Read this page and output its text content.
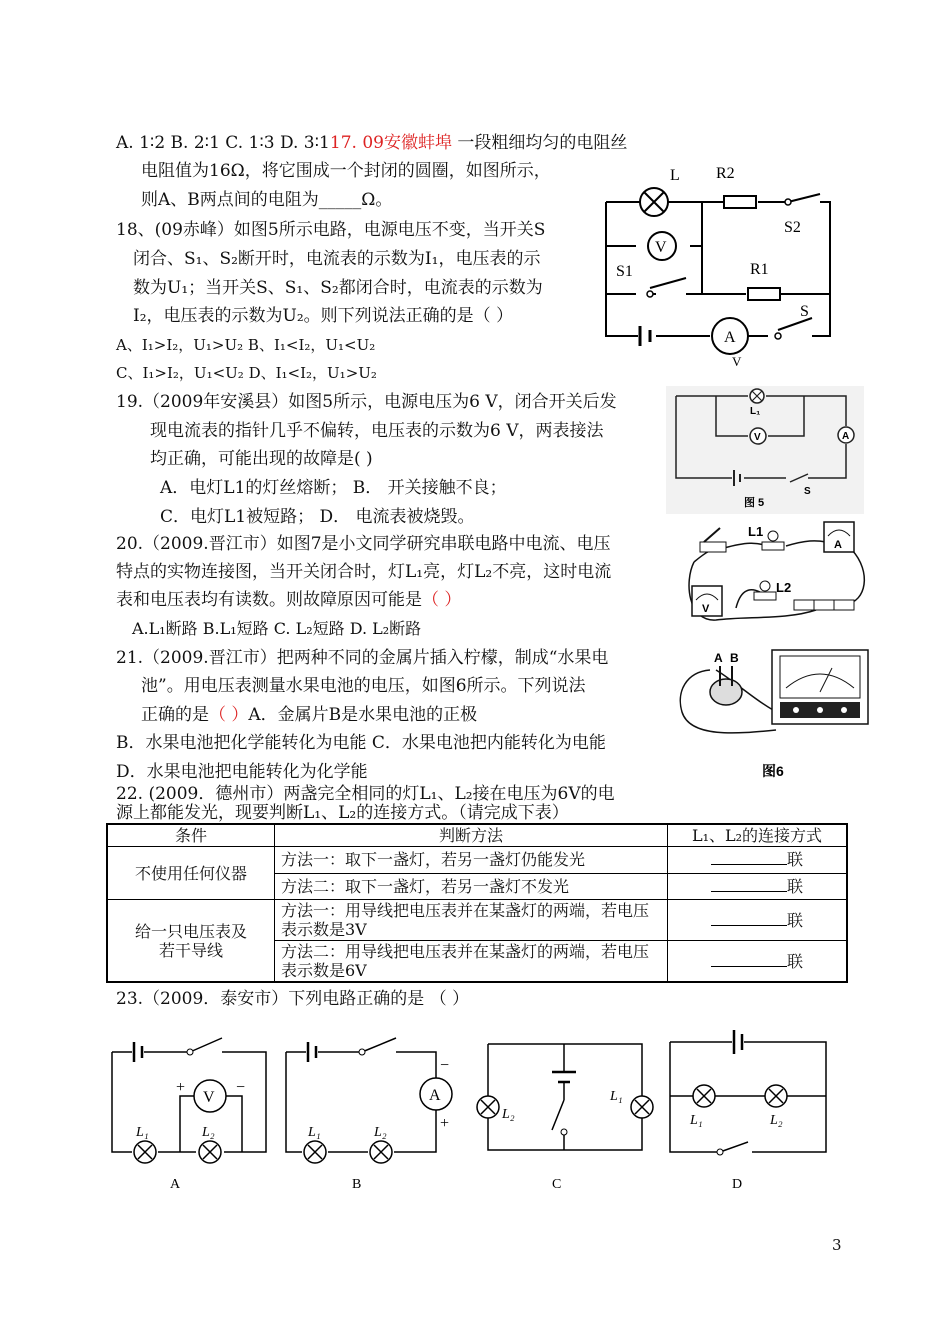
A. 1∶2 B. 2∶1 C. 1∶3 D. 3∶117. 09安徽蚌埠 一段粗细均匀的电阻丝
电阻值为16Ω，将它围成一个封闭的圆圈，如图所示，
则A、B两点间的电阻为_____Ω。
18、(09赤峰）如图5所示电路，电源电压不变，当开关S
闭合、S₁、S₂断开时，电流表的示数为I₁，电压表的示
数为U₁；当开关S、S₁、S₂都闭合时，电流表的示数为
I₂，电压表的示数为U₂。则下列说法正确的是（ ）
A、I₁>I₂，U₁>U₂ B、I₁<I₂，U₁<U₂
C、I₁>I₂，U₁<U₂ D、I₁<I₂，U₁>U₂
19.（2009年安溪县）如图5所示，电源电压为6 V，闭合开关后发
现电流表的指针几乎不偏转，电压表的示数为6 V，两表接法
均正确，可能出现的故障是( )
A．电灯L1的灯丝熔断； B． 开关接触不良；
C．电灯L1被短路； D． 电流表被烧毁。
20.（2009.晋江市）如图7是小文同学研究串联电路中电流、电压
特点的实物连接图，当开关闭合时，灯L₁亮，灯L₂不亮，这时电流
表和电压表均有读数。则故障原因可能是（ ）
A.L₁断路 B.L₁短路 C. L₂短路 D. L₂断路
21.（2009.晋江市）把两种不同的金属片插入柠檬，制成“水果电
池”。用电压表测量水果电池的电压，如图6所示。下列说法
正确的是（ ）A．金属片B是水果电池的正极
B．水果电池把化学能转化为电能 C．水果电池把内能转化为电能
D．水果电池把电能转化为化学能
22. (2009．德州市）两盏完全相同的灯L₁、L₂接在电压为6V的电
源上都能发光，现要判断L₁、L₂的连接方式。（请完成下表）
条件	判断方法	L₁、L₂的连接方式
不使用任何仪器	方法一：取下一盏灯，若另一盏灯仍能发光	联
	方法二：取下一盏灯，若另一盏灯不发光	联
给一只电压表及若干导线	方法一：用导线把电压表并在某盏灯的两端，若电压表示数是3V	联
	方法二：用导线把电压表并在某盏灯的两端，若电压表示数是6V	联
23.（2009．泰安市）下列电路正确的是 （ ）
V
A
L R2
S2
S1	R1
S
V
V	A
L₁
S
图 5
A
V
L1
L2
A B
图6
V
+	−
L₁	L₂
A
A
−
+
L₁	L₂
B
L₂
L₁
C
L₁	L₂
D
3
